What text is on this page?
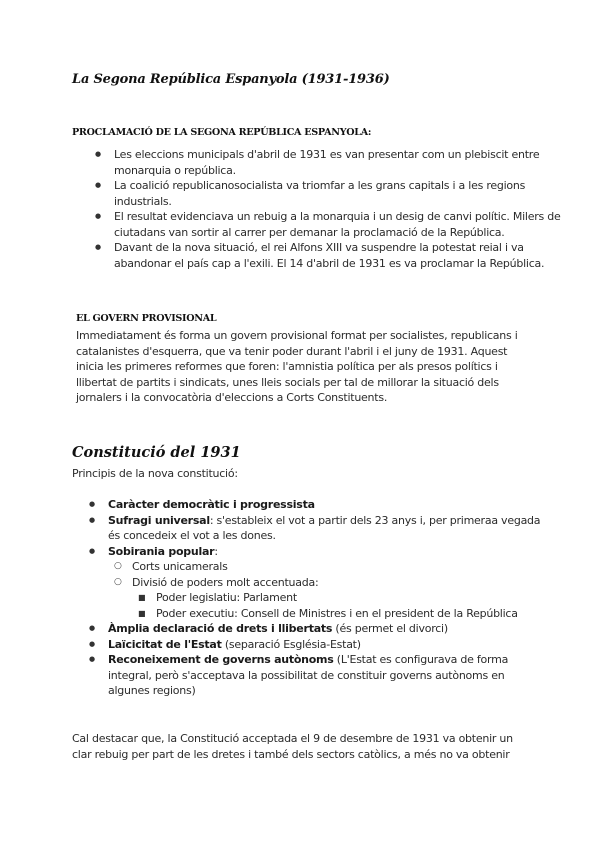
La Segona República Espanyola (1931-1936)
PROCLAMACIÓ DE LA SEGONA REPÚBLICA ESPANYOLA:
● Les eleccions municipals d'abril de 1931 es van presentar com un plebiscit entre monarquia o república.
● La coalició republicanosocialista va triomfar a les grans capitals i a les regions industrials.
● El resultat evidenciava un rebuig a la monarquia i un desig de canvi polític. Milers de ciutadans van sortir al carrer per demanar la proclamació de la República.
● Davant de la nova situació, el rei Alfons XIII va suspendre la potestat reial i va abandonar el país cap a l'exili. El 14 d'abril de 1931 es va proclamar la República.
EL GOVERN PROVISIONAL
Immediatament és forma un govern provisional format per socialistes, republicans i catalanistes d'esquerra, que va tenir poder durant l'abril i el juny de 1931. Aquest inicia les primeres reformes que foren: l'amnistia política per als presos polítics i llibertat de partits i sindicats, unes lleis socials per tal de millorar la situació dels jornalers i la convocatòria d'eleccions a Corts Constituents.
Constitució del 1931
Principis de la nova constitució:
● Caràcter democràtic i progressista
● Sufragi universal: s'estableix el vot a partir dels 23 anys i, per primeraa vegada és concedeix el vot a les dones.
● Sobirania popular:
○ Corts unicamerals
○ Divisió de poders molt accentuada:
■ Poder legislatiu: Parlament
■ Poder executiu: Consell de Ministres i en el president de la República
● Àmplia declaració de drets i llibertats (és permet el divorci)
● Laïcicitat de l'Estat (separació Església-Estat)
● Reconeixement de governs autònoms (L'Estat es configurava de forma integral, però s'acceptava la possibilitat de constituir governs autònoms en algunes regions)
Cal destacar que, la Constitució acceptada el 9 de desembre de 1931 va obtenir un clar rebuig per part de les dretes i també dels sectors catòlics, a més no va obtenir
